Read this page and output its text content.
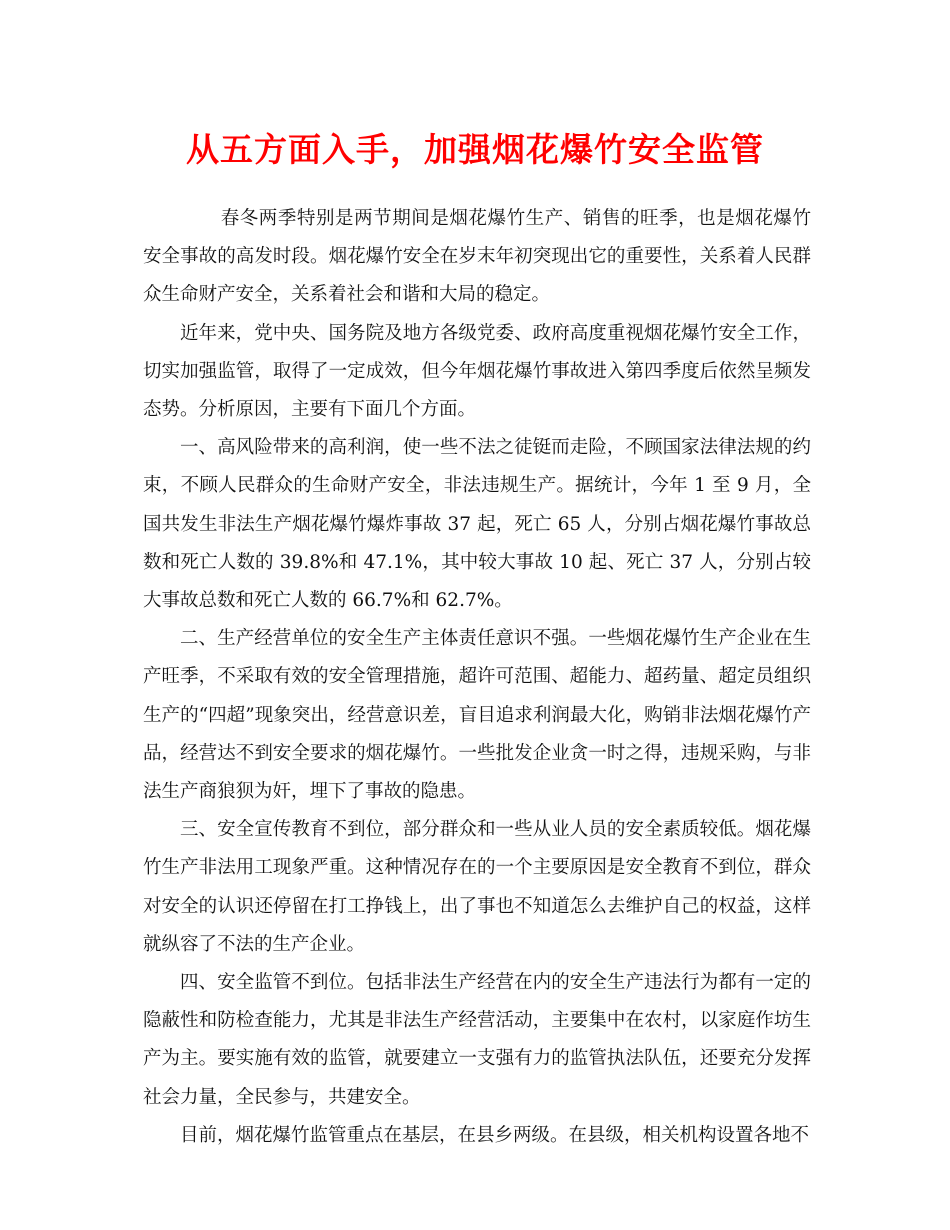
从五方面入手，加强烟花爆竹安全监管

春冬两季特别是两节期间是烟花爆竹生产、销售的旺季，也是烟花爆竹安全事故的高发时段。烟花爆竹安全在岁末年初突现出它的重要性，关系着人民群众生命财产安全，关系着社会和谐和大局的稳定。

近年来，党中央、国务院及地方各级党委、政府高度重视烟花爆竹安全工作，切实加强监管，取得了一定成效，但今年烟花爆竹事故进入第四季度后依然呈频发态势。分析原因，主要有下面几个方面。

一、高风险带来的高利润，使一些不法之徒铤而走险，不顾国家法律法规的约束，不顾人民群众的生命财产安全，非法违规生产。据统计，今年 1 至 9 月，全国共发生非法生产烟花爆竹爆炸事故 37 起，死亡 65 人，分别占烟花爆竹事故总数和死亡人数的 39.8%和 47.1%，其中较大事故 10 起、死亡 37 人，分别占较大事故总数和死亡人数的 66.7%和 62.7%。

二、生产经营单位的安全生产主体责任意识不强。一些烟花爆竹生产企业在生产旺季，不采取有效的安全管理措施，超许可范围、超能力、超药量、超定员组织生产的“四超”现象突出，经营意识差，盲目追求利润最大化，购销非法烟花爆竹产品，经营达不到安全要求的烟花爆竹。一些批发企业贪一时之得，违规采购，与非法生产商狼狈为奸，埋下了事故的隐患。

三、安全宣传教育不到位，部分群众和一些从业人员的安全素质较低。烟花爆竹生产非法用工现象严重。这种情况存在的一个主要原因是安全教育不到位，群众对安全的认识还停留在打工挣钱上，出了事也不知道怎么去维护自己的权益，这样就纵容了不法的生产企业。

四、安全监管不到位。包括非法生产经营在内的安全生产违法行为都有一定的隐蔽性和防检查能力，尤其是非法生产经营活动，主要集中在农村，以家庭作坊生产为主。要实施有效的监管，就要建立一支强有力的监管执法队伍，还要充分发挥社会力量，全民参与，共建安全。

目前，烟花爆竹监管重点在基层，在县乡两级。在县级，相关机构设置各地不
